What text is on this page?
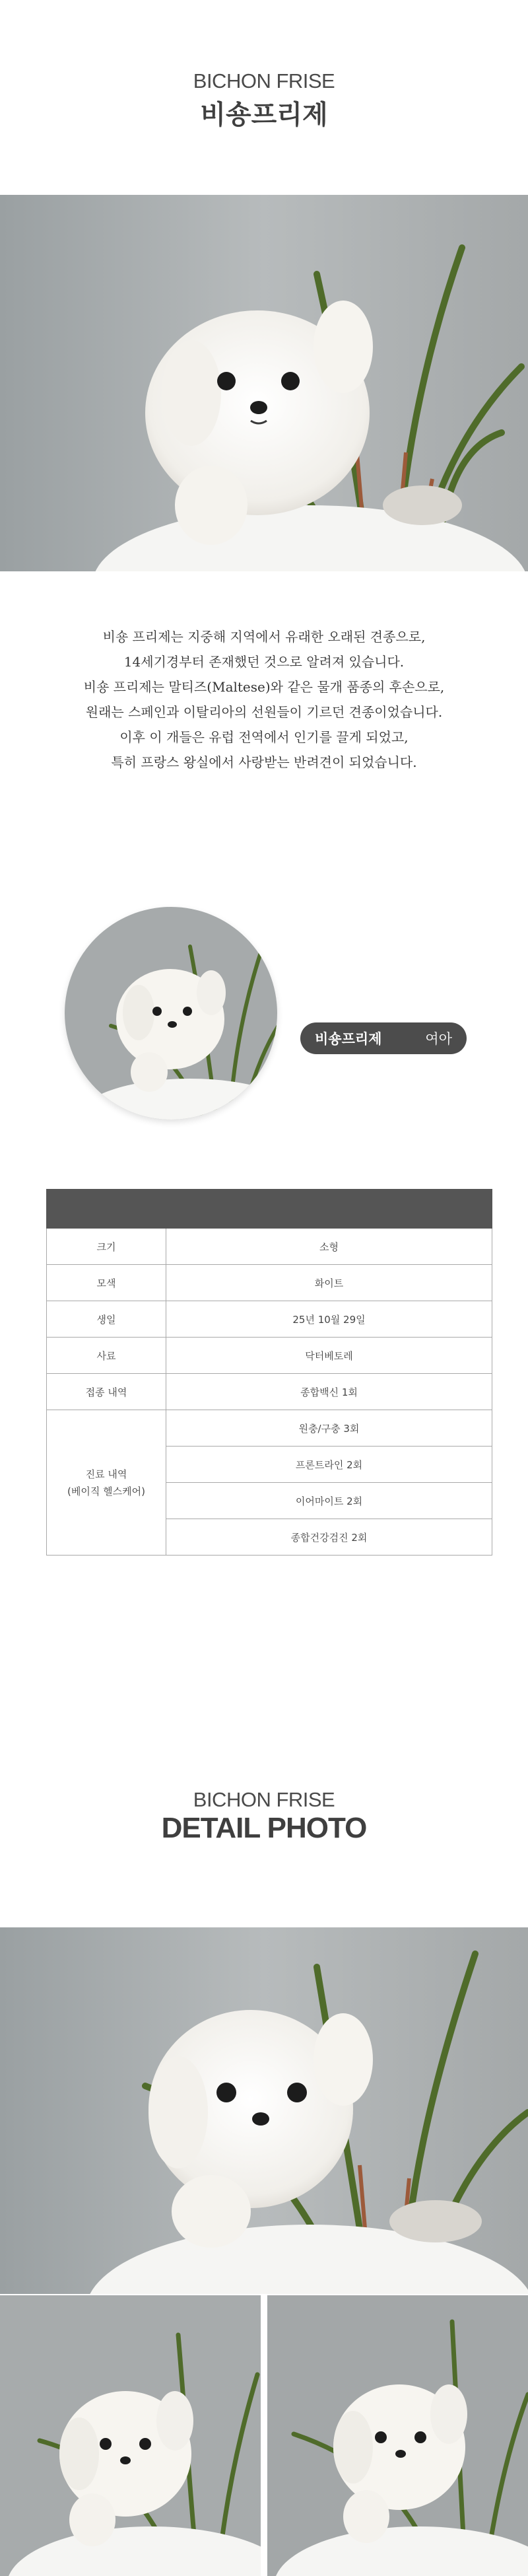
BICHON FRISE
비숑프리제
비숑 프리제는 지중해 지역에서 유래한 오래된 견종으로,
14세기경부터 존재했던 것으로 알려져 있습니다.
비숑 프리제는 말티즈(Maltese)와 같은 물개 품종의 후손으로,
원래는 스페인과 이탈리아의 선원들이 기르던 견종이었습니다.
이후 이 개들은 유럽 전역에서 인기를 끌게 되었고,
특히 프랑스 왕실에서 사랑받는 반려견이 되었습니다.
비숑프리제	여아

크기	소형
모색	화이트
생일	25년 10월 29일
사료	닥터베토레
접종 내역	종합백신 1회

진료 내역
(베이직 헬스케어)	원충/구충 3회
	프론트라인 2회
	이어마이트 2회
	종합건강검진 2회
BICHON FRISE
DETAIL PHOTO
